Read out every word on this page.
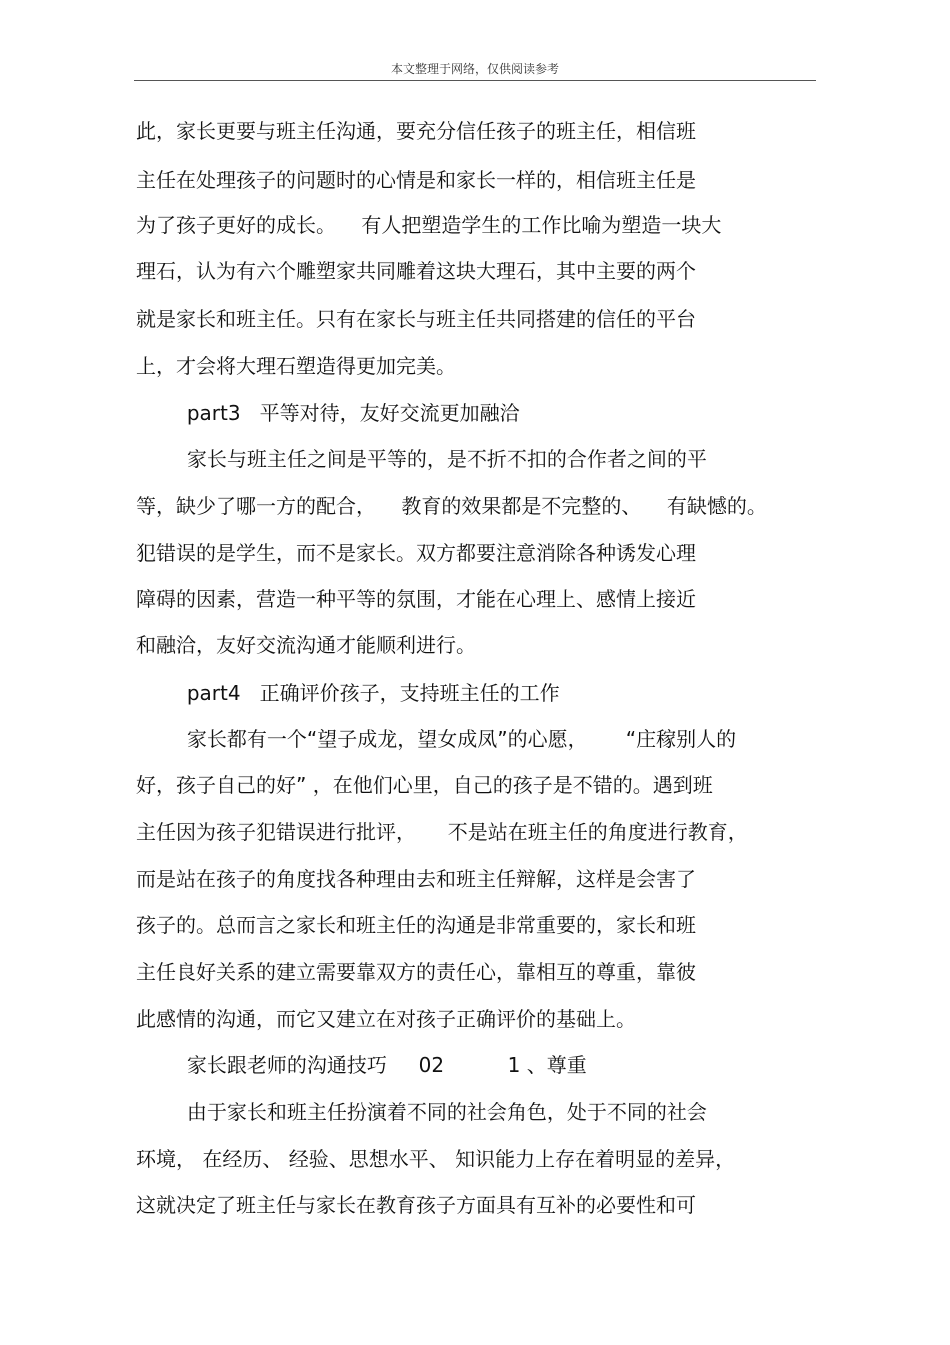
本文整理于网络，仅供阅读参考
此，家长更要与班主任沟通，要充分信任孩子的班主任，相信班
主任在处理孩子的问题时的心情是和家长一样的，相信班主任是
为了孩子更好的成长。    有人把塑造学生的工作比喻为塑造一块大
理石，认为有六个雕塑家共同雕着这块大理石，其中主要的两个
就是家长和班主任。只有在家长与班主任共同搭建的信任的平台
上，才会将大理石塑造得更加完美。
part3   平等对待，友好交流更加融洽
家长与班主任之间是平等的，是不折不扣的合作者之间的平
等，缺少了哪一方的配合，    教育的效果都是不完整的、    有缺憾的。
犯错误的是学生，而不是家长。双方都要注意消除各种诱发心理
障碍的因素，营造一种平等的氛围，才能在心理上、感情上接近
和融洽，友好交流沟通才能顺利进行。
part4   正确评价孩子，支持班主任的工作
家长都有一个“望子成龙，望女成凤”的心愿，      “庄稼别人的
好，孩子自己的好” ，在他们心里，自己的孩子是不错的。遇到班
主任因为孩子犯错误进行批评，     不是站在班主任的角度进行教育，
而是站在孩子的角度找各种理由去和班主任辩解，这样是会害了
孩子的。总而言之家长和班主任的沟通是非常重要的，家长和班
主任良好关系的建立需要靠双方的责任心，靠相互的尊重，靠彼
此感情的沟通，而它又建立在对孩子正确评价的基础上。
家长跟老师的沟通技巧     02          1 、尊重
由于家长和班主任扮演着不同的社会角色，处于不同的社会
环境， 在经历、 经验、思想水平、 知识能力上存在着明显的差异，
这就决定了班主任与家长在教育孩子方面具有互补的必要性和可
